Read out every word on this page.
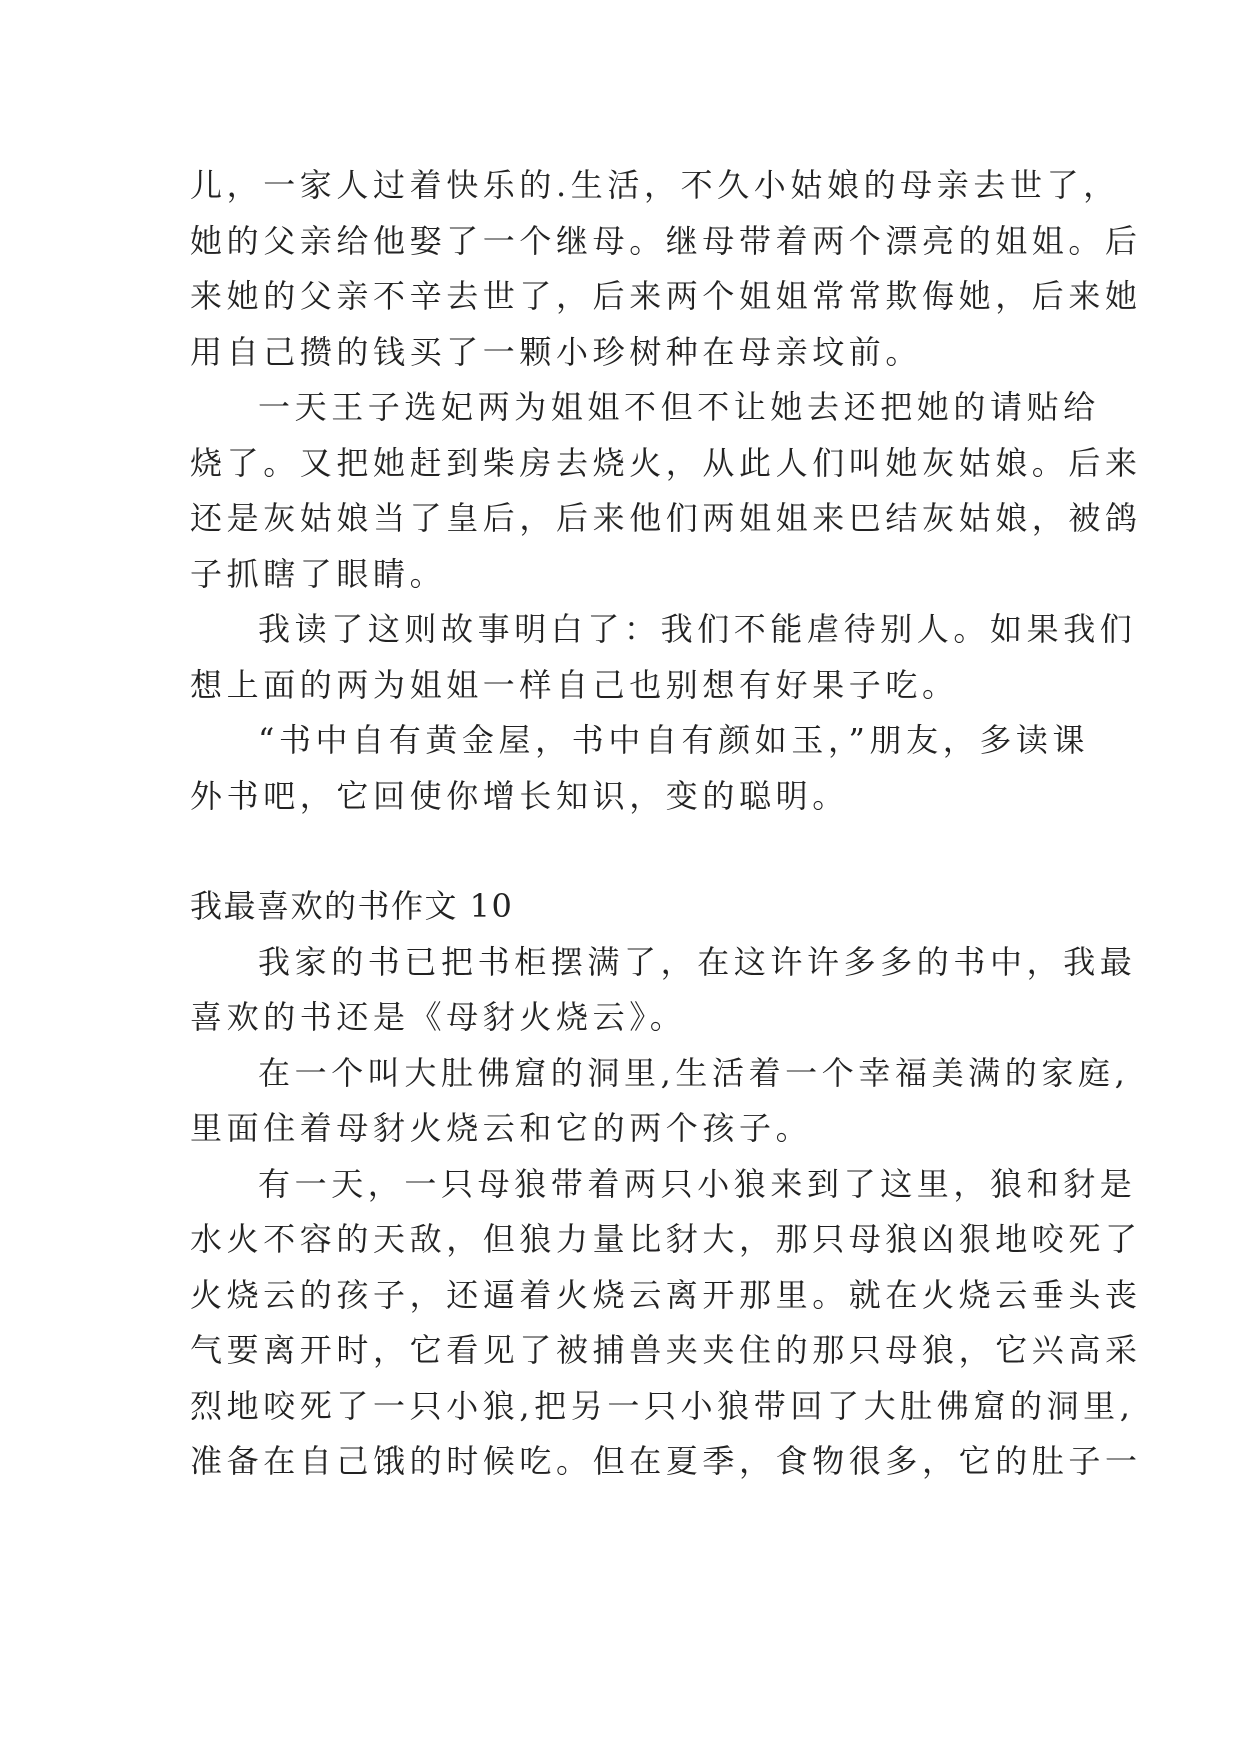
儿，一家人过着快乐的.生活，不久小姑娘的母亲去世了，
她的父亲给他娶了一个继母。继母带着两个漂亮的姐姐。后
来她的父亲不辛去世了，后来两个姐姐常常欺侮她，后来她
用自己攒的钱买了一颗小珍树种在母亲坟前。

一天王子选妃两为姐姐不但不让她去还把她的请贴给
烧了。又把她赶到柴房去烧火，从此人们叫她灰姑娘。后来
还是灰姑娘当了皇后，后来他们两姐姐来巴结灰姑娘，被鸽
子抓瞎了眼睛。

我读了这则故事明白了：我们不能虐待别人。如果我们
想上面的两为姐姐一样自己也别想有好果子吃。

“书中自有黄金屋，书中自有颜如玉，”朋友，多读课
外书吧，它回使你增长知识，变的聪明。

我最喜欢的书作文 10

我家的书已把书柜摆满了，在这许许多多的书中，我最
喜欢的书还是《母豺火烧云》。

在一个叫大肚佛窟的洞里,生活着一个幸福美满的家庭,
里面住着母豺火烧云和它的两个孩子。

有一天，一只母狼带着两只小狼来到了这里，狼和豺是
水火不容的天敌，但狼力量比豺大，那只母狼凶狠地咬死了
火烧云的孩子，还逼着火烧云离开那里。就在火烧云垂头丧
气要离开时，它看见了被捕兽夹夹住的那只母狼，它兴高采
烈地咬死了一只小狼,把另一只小狼带回了大肚佛窟的洞里,
准备在自己饿的时候吃。但在夏季，食物很多，它的肚子一
